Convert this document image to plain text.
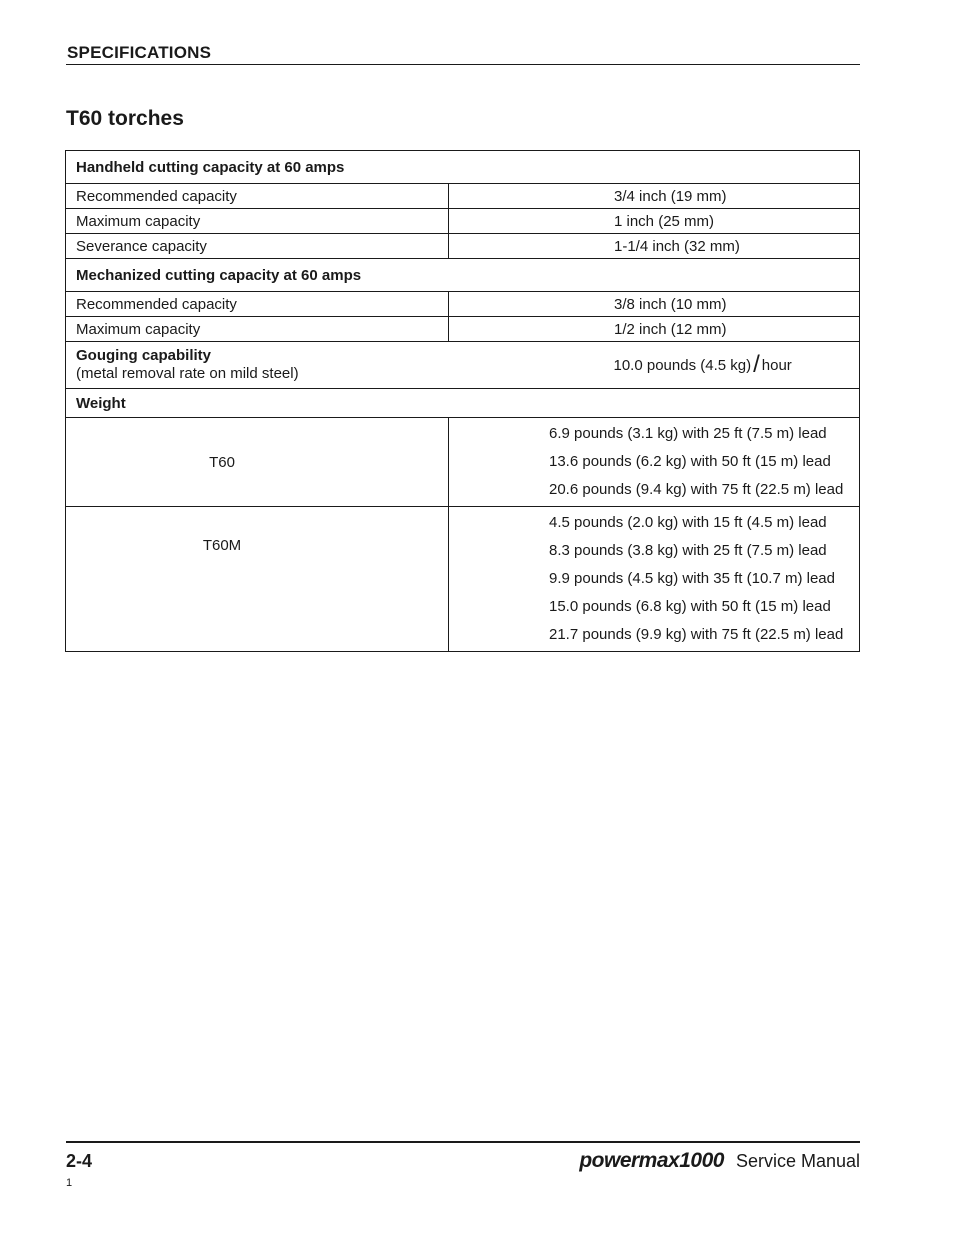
SPECIFICATIONS
T60 torches
Handheld cutting capacity at 60 amps	
Recommended capacity	3/4 inch (19 mm)
Maximum capacity	1 inch (25 mm)
Severance capacity	1-1/4 inch (32 mm)
Mechanized cutting capacity at 60 amps	
Recommended capacity	3/8 inch (10 mm)
Maximum capacity	1/2 inch (12 mm)

Gouging capability
(metal removal rate on mild steel)	10.0 pounds (4.5 kg)/ hour
Weight	
T60	6.9 pounds (3.1 kg) with 25 ft (7.5 m) lead
13.6 pounds (6.2 kg) with 50 ft (15 m) lead
20.6 pounds (9.4 kg) with 75 ft (22.5 m) lead

T60M	4.5 pounds (2.0 kg) with 15 ft (4.5 m) lead
8.3 pounds (3.8 kg) with 25 ft (7.5 m) lead
9.9 pounds (4.5 kg) with 35 ft (10.7 m) lead
15.0 pounds (6.8 kg) with 50 ft (15 m) lead
21.7 pounds (9.9 kg) with 75 ft (22.5 m) lead
2-4	powermax1000 Service Manual
1
